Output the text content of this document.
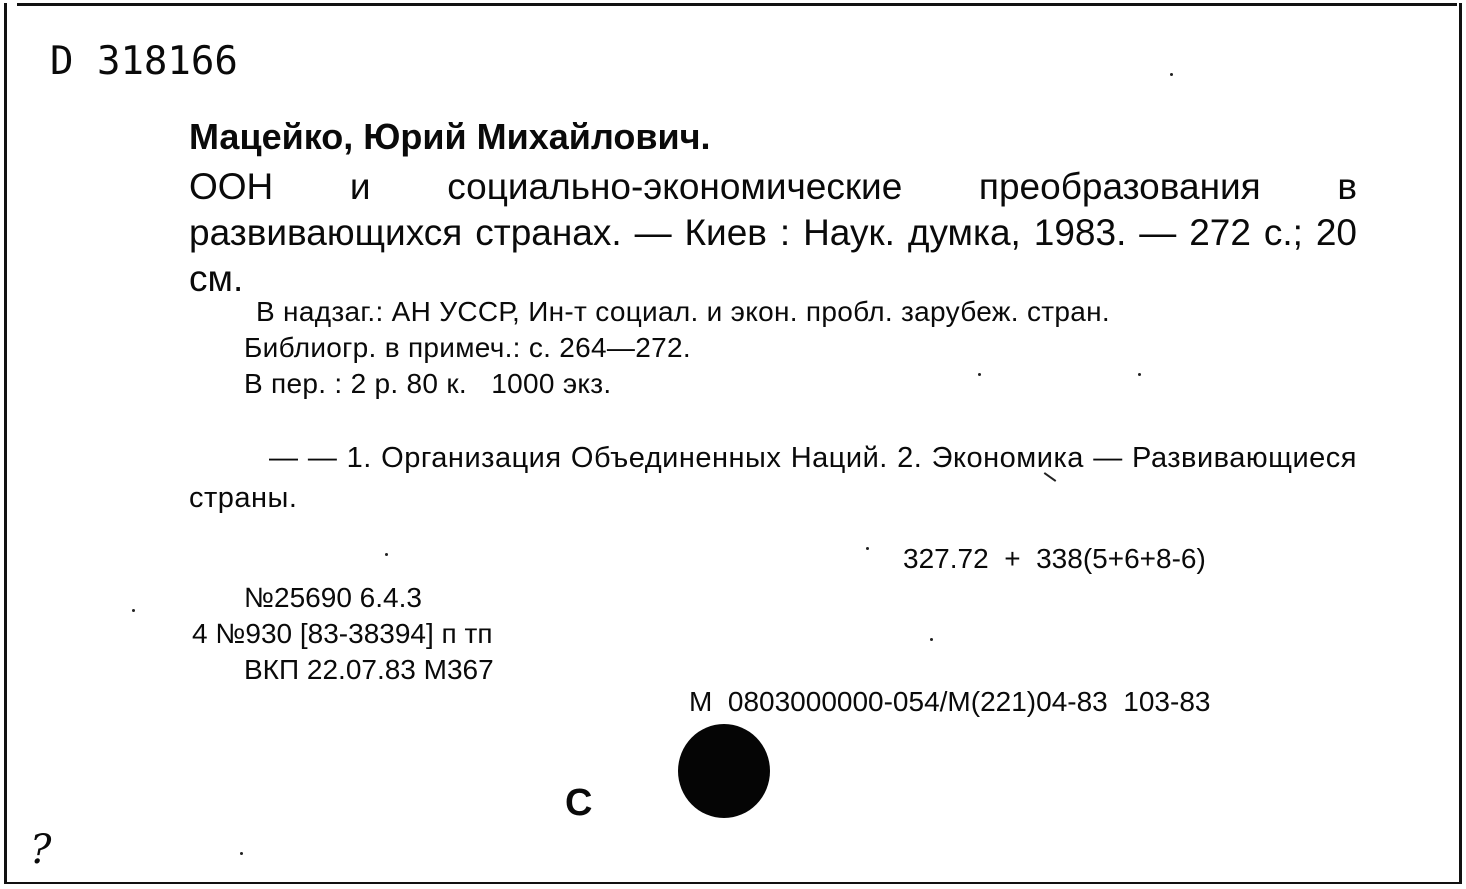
D 318166
Мацейко, Юрий Михайлович.
ООН и социально-экономические преобразования в развивающихся странах. — Киев : Наук. думка, 1983. — 272 с.; 20 см.
В надзаг.: АН УССР, Ин-т социал. и экон. пробл. зарубеж. стран.
Библиогр. в примеч.: с. 264—272.
В пер. : 2 р. 80 к.   1000 экз.
— — 1. Организация Объединенных Наций. 2. Экономика — Развивающиеся страны.
327.72  +  338(5+6+8-6)
№25690 6.4.3
4 №930 [83-38394] п тп
ВКП 22.07.83 М367
М  0803000000-054/М(221)04-83  103-83
С
?
